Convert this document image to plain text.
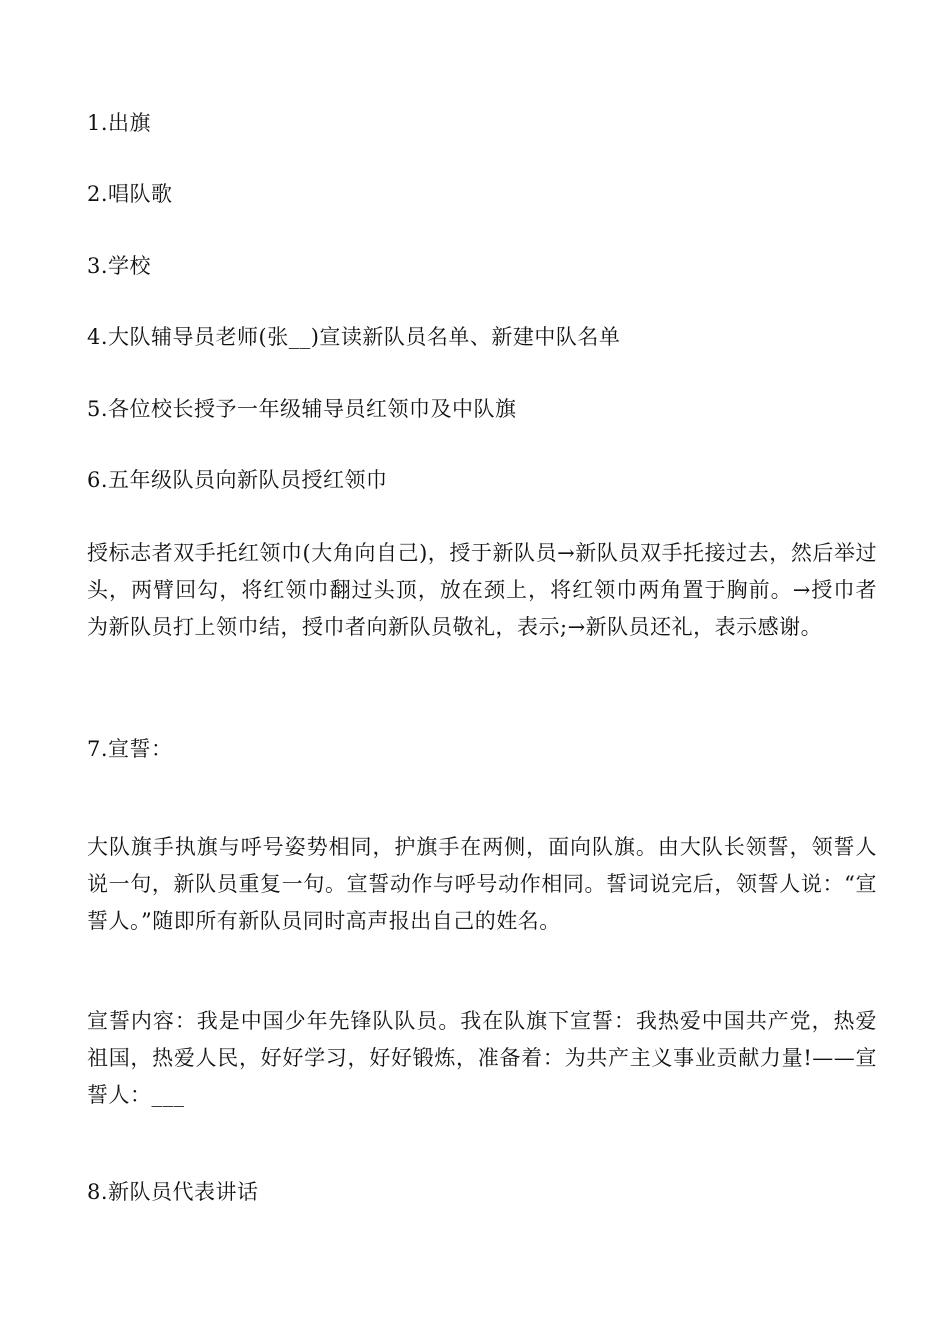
1.出旗

2.唱队歌

3.学校

4.大队辅导员老师(张__)宣读新队员名单、新建中队名单

5.各位校长授予一年级辅导员红领巾及中队旗

6.五年级队员向新队员授红领巾

授标志者双手托红领巾(大角向自己)，授于新队员→新队员双手托接过去，然后举过头，两臂回勾，将红领巾翻过头顶，放在颈上，将红领巾两角置于胸前。→授巾者为新队员打上领巾结，授巾者向新队员敬礼，表示;→新队员还礼，表示感谢。

7.宣誓：

大队旗手执旗与呼号姿势相同，护旗手在两侧，面向队旗。由大队长领誓，领誓人说一句，新队员重复一句。宣誓动作与呼号动作相同。誓词说完后，领誓人说：“宣誓人。”随即所有新队员同时高声报出自己的姓名。

宣誓内容：我是中国少年先锋队队员。我在队旗下宣誓：我热爱中国共产党，热爱祖国，热爱人民，好好学习，好好锻炼，准备着：为共产主义事业贡献力量!——宣誓人：___

8.新队员代表讲话
